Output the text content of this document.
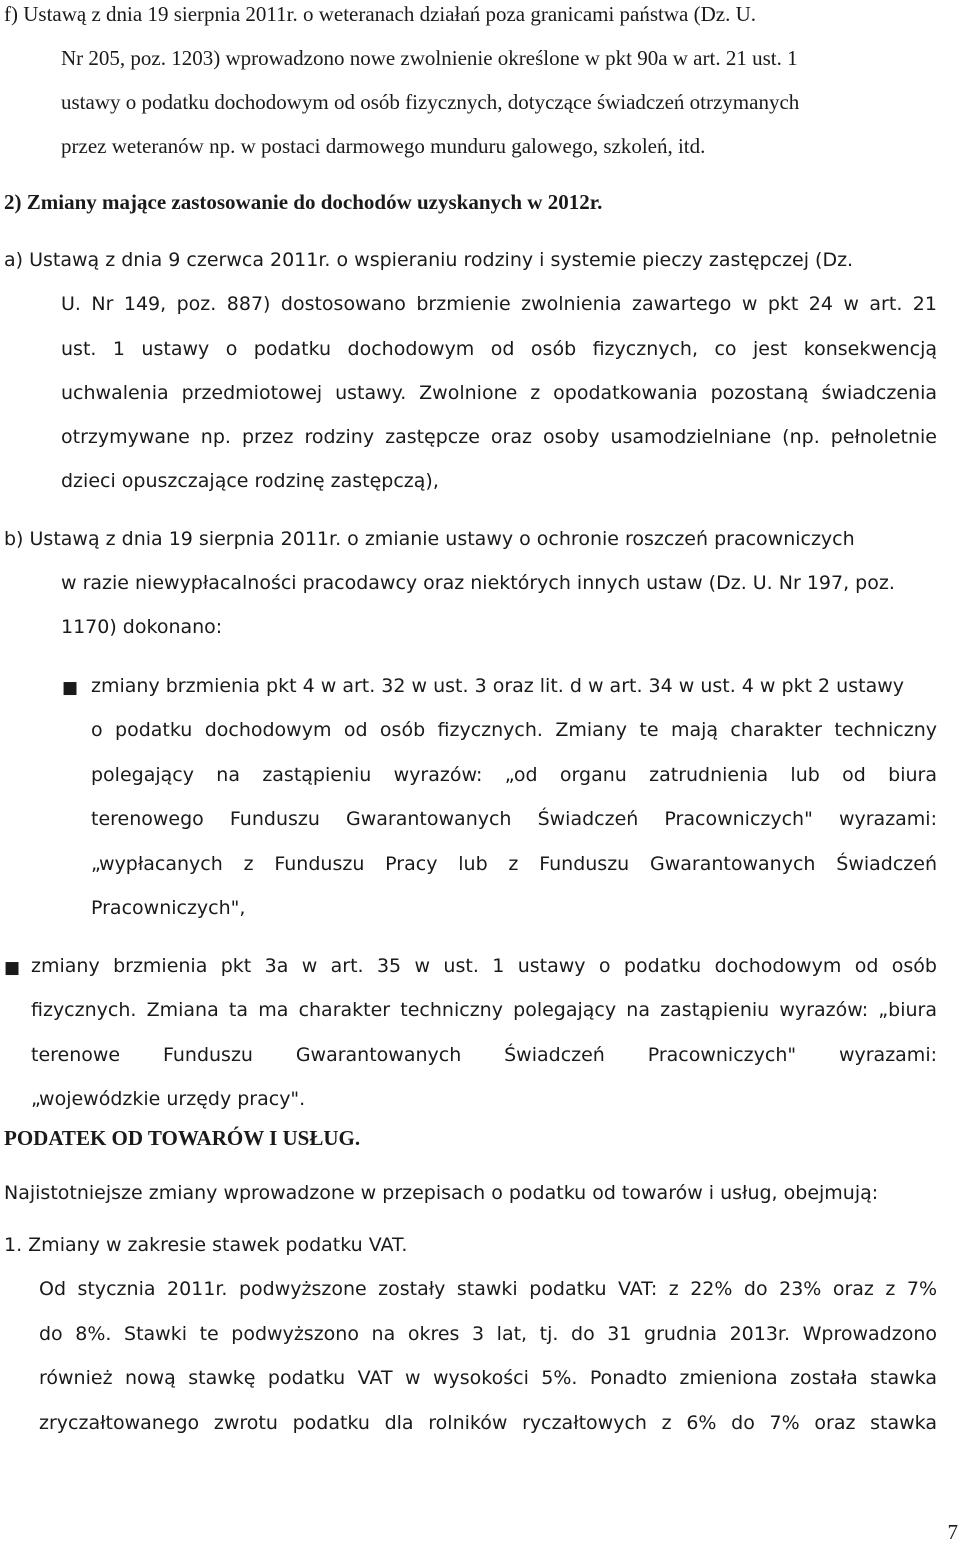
f) Ustawą z dnia 19 sierpnia 2011r. o weteranach działań poza granicami państwa (Dz. U.

Nr 205, poz. 1203) wprowadzono nowe zwolnienie określone w pkt 90a w art. 21 ust. 1

ustawy o podatku dochodowym od osób fizycznych, dotyczące świadczeń otrzymanych

przez weteranów np. w postaci darmowego munduru galowego, szkoleń, itd.

2) Zmiany mające zastosowanie do dochodów uzyskanych w 2012r.

a) Ustawą z dnia 9 czerwca 2011r. o wspieraniu rodziny i systemie pieczy zastępczej (Dz.

U. Nr 149, poz. 887) dostosowano brzmienie zwolnienia zawartego w pkt 24 w art. 21

ust. 1 ustawy o podatku dochodowym od osób fizycznych, co jest konsekwencją

uchwalenia przedmiotowej ustawy. Zwolnione z opodatkowania pozostaną świadczenia

otrzymywane np. przez rodziny zastępcze oraz osoby usamodzielniane (np. pełnoletnie

dzieci opuszczające rodzinę zastępczą),

b) Ustawą z dnia 19 sierpnia 2011r. o zmianie ustawy o ochronie roszczeń pracowniczych

w razie niewypłacalności pracodawcy oraz niektórych innych ustaw (Dz. U. Nr 197, poz.

1170) dokonano:

■ zmiany brzmienia pkt 4 w art. 32 w ust. 3 oraz lit. d w art. 34 w ust. 4 w pkt 2 ustawy

o podatku dochodowym od osób fizycznych. Zmiany te mają charakter techniczny

polegający na zastąpieniu wyrazów: „od organu zatrudnienia lub od biura

terenowego Funduszu Gwarantowanych Świadczeń Pracowniczych" wyrazami:

„wypłacanych z Funduszu Pracy lub z Funduszu Gwarantowanych Świadczeń

Pracowniczych",

■ zmiany brzmienia pkt 3a w art. 35 w ust. 1 ustawy o podatku dochodowym od osób

fizycznych. Zmiana ta ma charakter techniczny polegający na zastąpieniu wyrazów: „biura

terenowe Funduszu Gwarantowanych Świadczeń Pracowniczych" wyrazami:

„wojewódzkie urzędy pracy".

PODATEK OD TOWARÓW I USŁUG.

Najistotniejsze zmiany wprowadzone w przepisach o podatku od towarów i usług, obejmują:

1. Zmiany w zakresie stawek podatku VAT.

Od stycznia 2011r. podwyższone zostały stawki podatku VAT: z 22% do 23% oraz z 7%

do 8%. Stawki te podwyższono na okres 3 lat, tj. do 31 grudnia 2013r. Wprowadzono

również nową stawkę podatku VAT w wysokości 5%. Ponadto zmieniona została stawka

zryczałtowanego zwrotu podatku dla rolników ryczałtowych z 6% do 7% oraz stawka

7
